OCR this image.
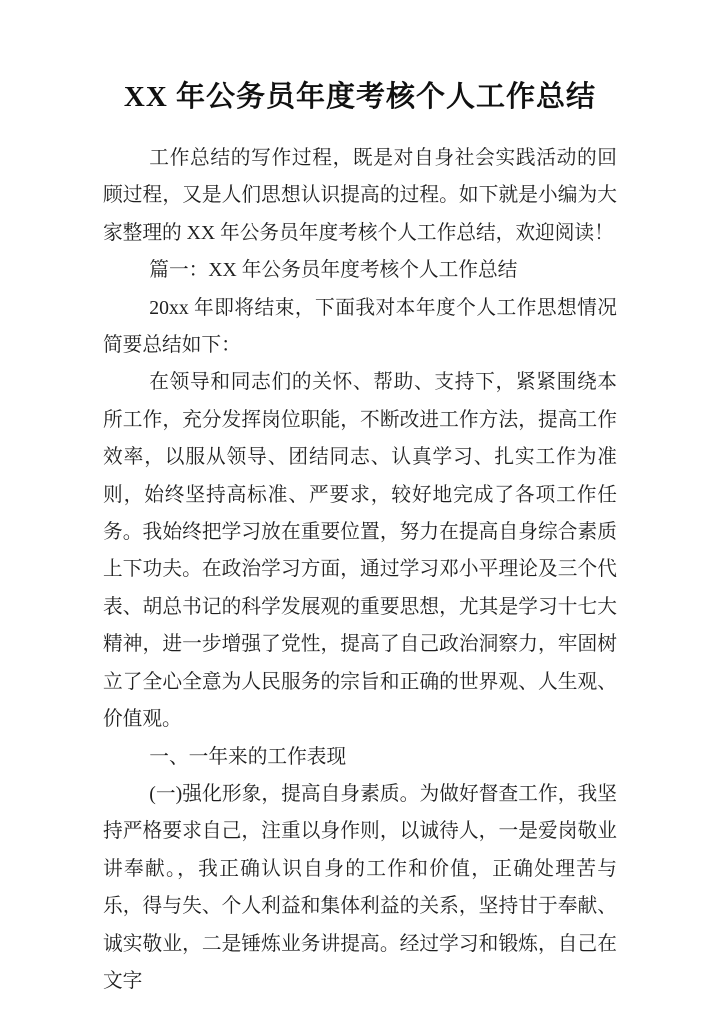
XX 年公务员年度考核个人工作总结

工作总结的写作过程，既是对自身社会实践活动的回顾过程，又是人们思想认识提高的过程。如下就是小编为大家整理的 XX 年公务员年度考核个人工作总结，欢迎阅读！

篇一：XX 年公务员年度考核个人工作总结

20xx 年即将结束，下面我对本年度个人工作思想情况简要总结如下：

在领导和同志们的关怀、帮助、支持下，紧紧围绕本所工作，充分发挥岗位职能，不断改进工作方法，提高工作效率，以服从领导、团结同志、认真学习、扎实工作为准则，始终坚持高标准、严要求，较好地完成了各项工作任务。我始终把学习放在重要位置，努力在提高自身综合素质上下功夫。在政治学习方面，通过学习邓小平理论及三个代表、胡总书记的科学发展观的重要思想，尤其是学习十七大精神，进一步增强了党性，提高了自己政治洞察力，牢固树立了全心全意为人民服务的宗旨和正确的世界观、人生观、价值观。

一、一年来的工作表现

(一)强化形象，提高自身素质。为做好督查工作，我坚持严格要求自己，注重以身作则，以诚待人，一是爱岗敬业讲奉献。，我正确认识自身的工作和价值，正确处理苦与乐，得与失、个人利益和集体利益的关系，坚持甘于奉献、诚实敬业，二是锤炼业务讲提高。经过学习和锻炼，自己在文字
